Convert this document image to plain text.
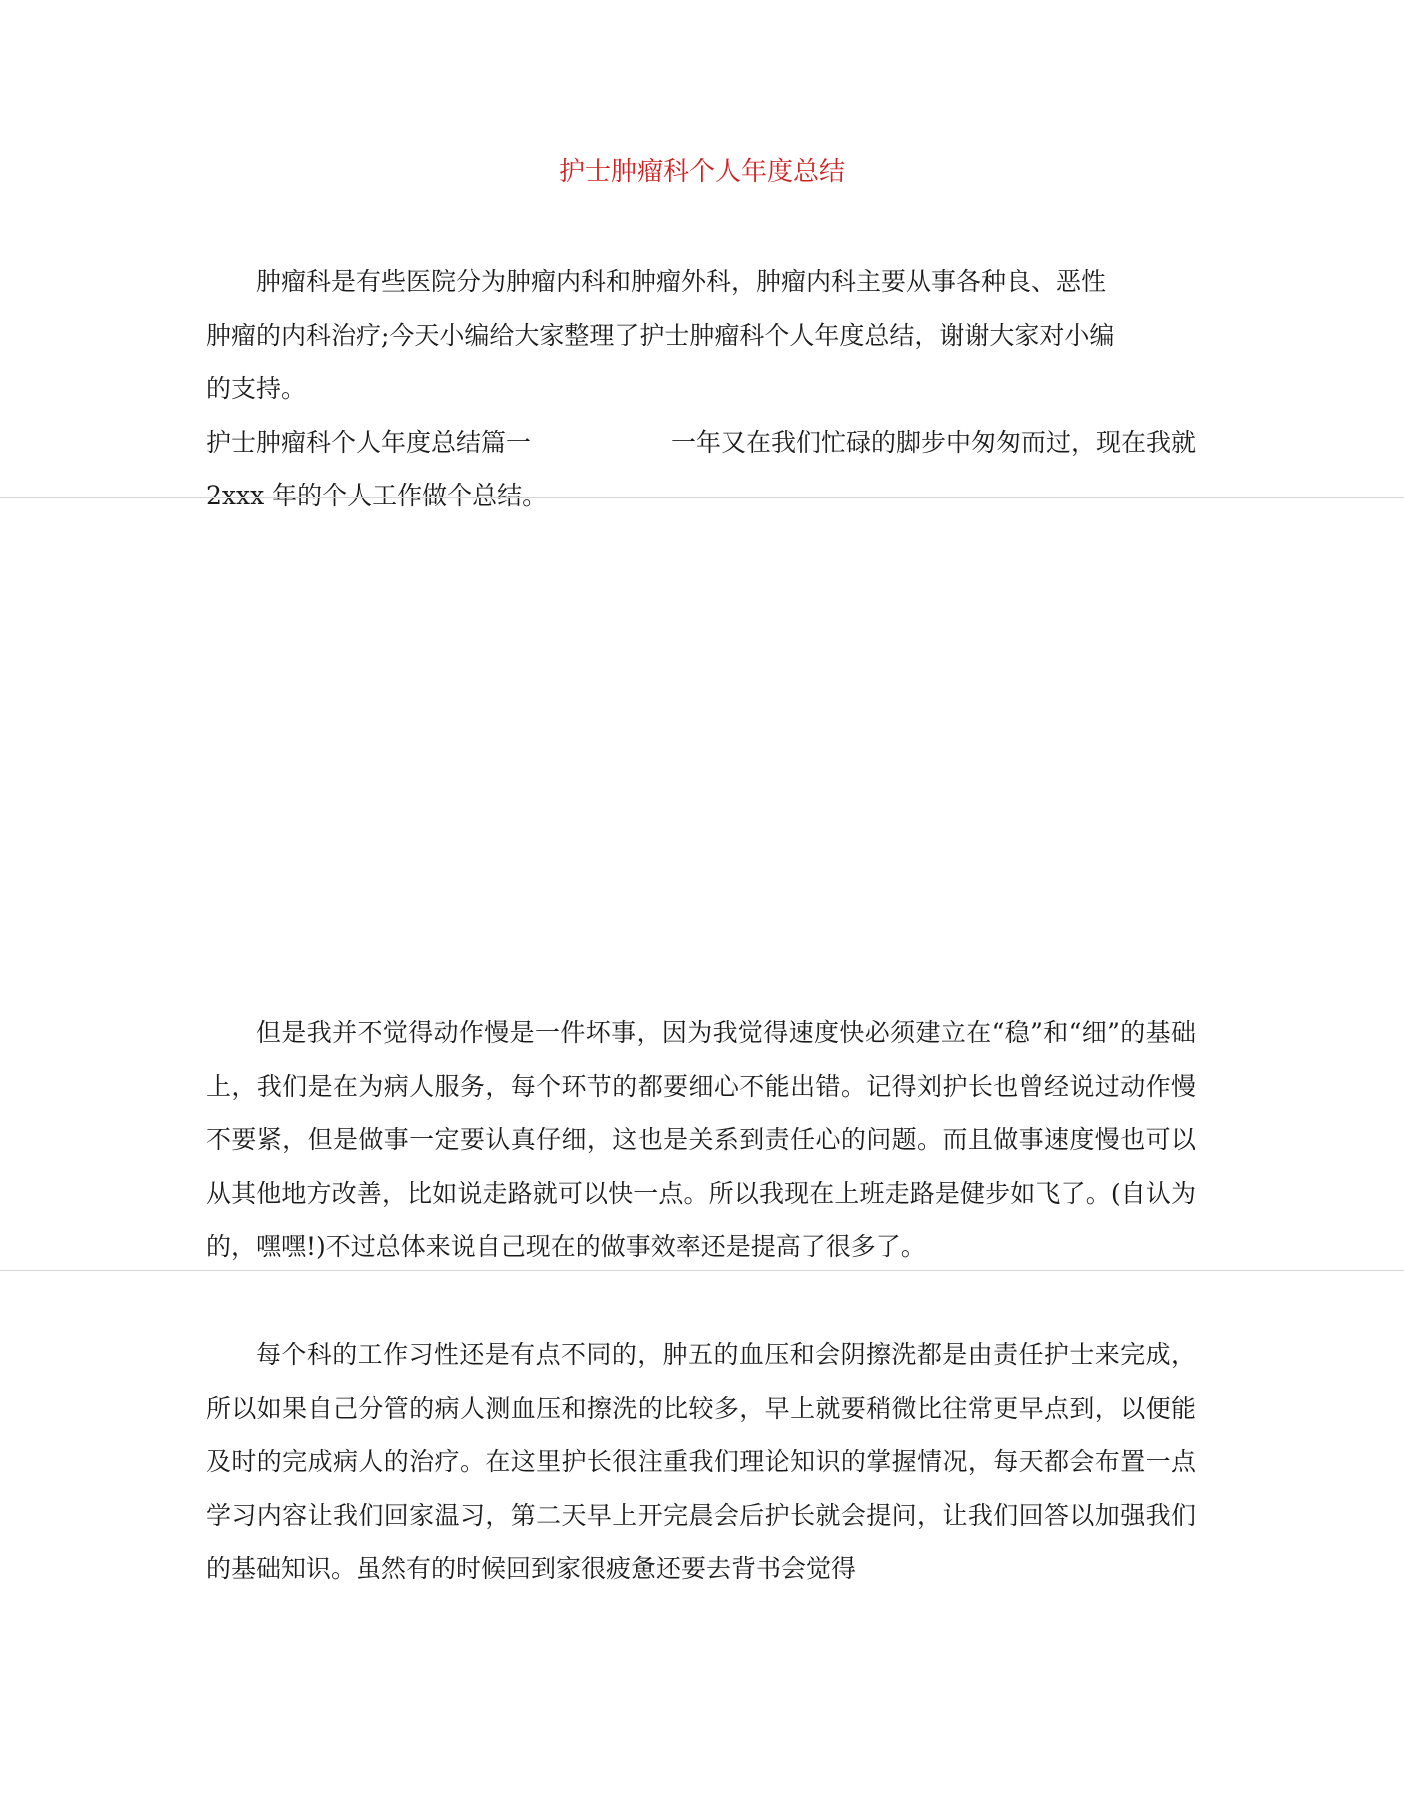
护士肿瘤科个人年度总结
肿瘤科是有些医院分为肿瘤内科和肿瘤外科，肿瘤内科主要从事各种良、恶性
肿瘤的内科治疗;今天小编给大家整理了护士肿瘤科个人年度总结，谢谢大家对小编
的支持。
护士肿瘤科个人年度总结篇一	一年又在我们忙碌的脚步中匆匆而过，现在我就
2xxx 年的个人工作做个总结。
但是我并不觉得动作慢是一件坏事，因为我觉得速度快必须建立在“稳”和“细”的基础上，我们是在为病人服务，每个环节的都要细心不能出错。记得刘护长也曾经说过动作慢不要紧，但是做事一定要认真仔细，这也是关系到责任心的问题。而且做事速度慢也可以从其他地方改善，比如说走路就可以快一点。所以我现在上班走路是健步如飞了。(自认为的，嘿嘿!)不过总体来说自己现在的做事效率还是提高了很多了。
每个科的工作习性还是有点不同的，肿五的血压和会阴擦洗都是由责任护士来完成，所以如果自己分管的病人测血压和擦洗的比较多，早上就要稍微比往常更早点到，以便能及时的完成病人的治疗。在这里护长很注重我们理论知识的掌握情况，每天都会布置一点学习内容让我们回家温习，第二天早上开完晨会后护长就会提问，让我们回答以加强我们的基础知识。虽然有的时候回到家很疲惫还要去背书会觉得
